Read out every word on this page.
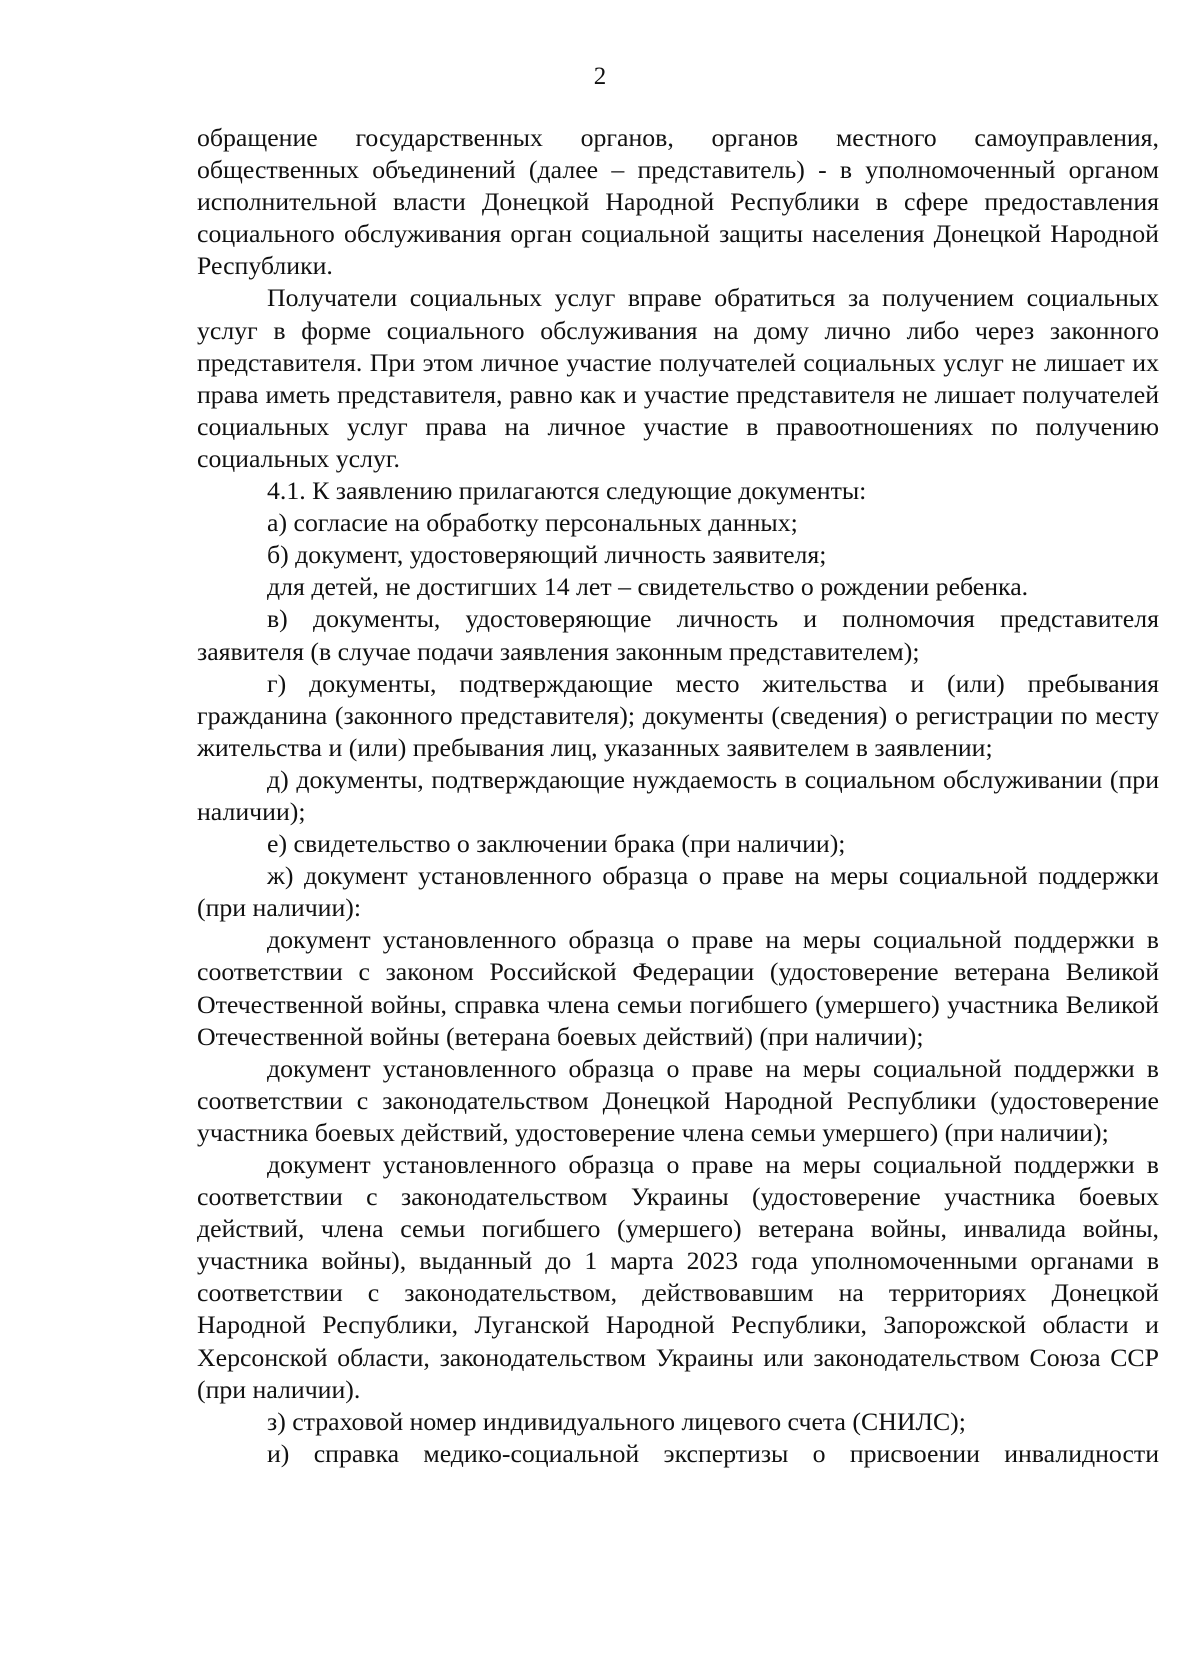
2

обращение государственных органов, органов местного самоуправления, общественных объединений (далее – представитель) - в уполномоченный органом исполнительной власти Донецкой Народной Республики в сфере предоставления социального обслуживания орган социальной защиты населения Донецкой Народной Республики.

Получатели социальных услуг вправе обратиться за получением социальных услуг в форме социального обслуживания на дому лично либо через законного представителя. При этом личное участие получателей социальных услуг не лишает их права иметь представителя, равно как и участие представителя не лишает получателей социальных услуг права на личное участие в правоотношениях по получению социальных услуг.

4.1. К заявлению прилагаются следующие документы:

а) согласие на обработку персональных данных;

б) документ, удостоверяющий личность заявителя;

для детей, не достигших 14 лет – свидетельство о рождении ребенка.

в) документы, удостоверяющие личность и полномочия представителя заявителя (в случае подачи заявления законным представителем);

г) документы, подтверждающие место жительства и (или) пребывания гражданина (законного представителя); документы (сведения) о регистрации по месту жительства и (или) пребывания лиц, указанных заявителем в заявлении;

д) документы, подтверждающие нуждаемость в социальном обслуживании (при наличии);

е) свидетельство о заключении брака (при наличии);

ж) документ установленного образца о праве на меры социальной поддержки (при наличии):

документ установленного образца о праве на меры социальной поддержки в соответствии с законом Российской Федерации (удостоверение ветерана Великой Отечественной войны, справка члена семьи погибшего (умершего) участника Великой Отечественной войны (ветерана боевых действий) (при наличии);

документ установленного образца о праве на меры социальной поддержки в соответствии с законодательством Донецкой Народной Республики (удостоверение участника боевых действий, удостоверение члена семьи умершего) (при наличии);

документ установленного образца о праве на меры социальной поддержки в соответствии с законодательством Украины (удостоверение участника боевых действий, члена семьи погибшего (умершего) ветерана войны, инвалида войны, участника войны), выданный до 1 марта 2023 года уполномоченными органами в соответствии с законодательством, действовавшим на территориях Донецкой Народной Республики, Луганской Народной Республики, Запорожской области и Херсонской области, законодательством Украины или законодательством Союза ССР (при наличии).

з) страховой номер индивидуального лицевого счета (СНИЛС);

и) справка медико-социальной экспертизы о присвоении инвалидности
